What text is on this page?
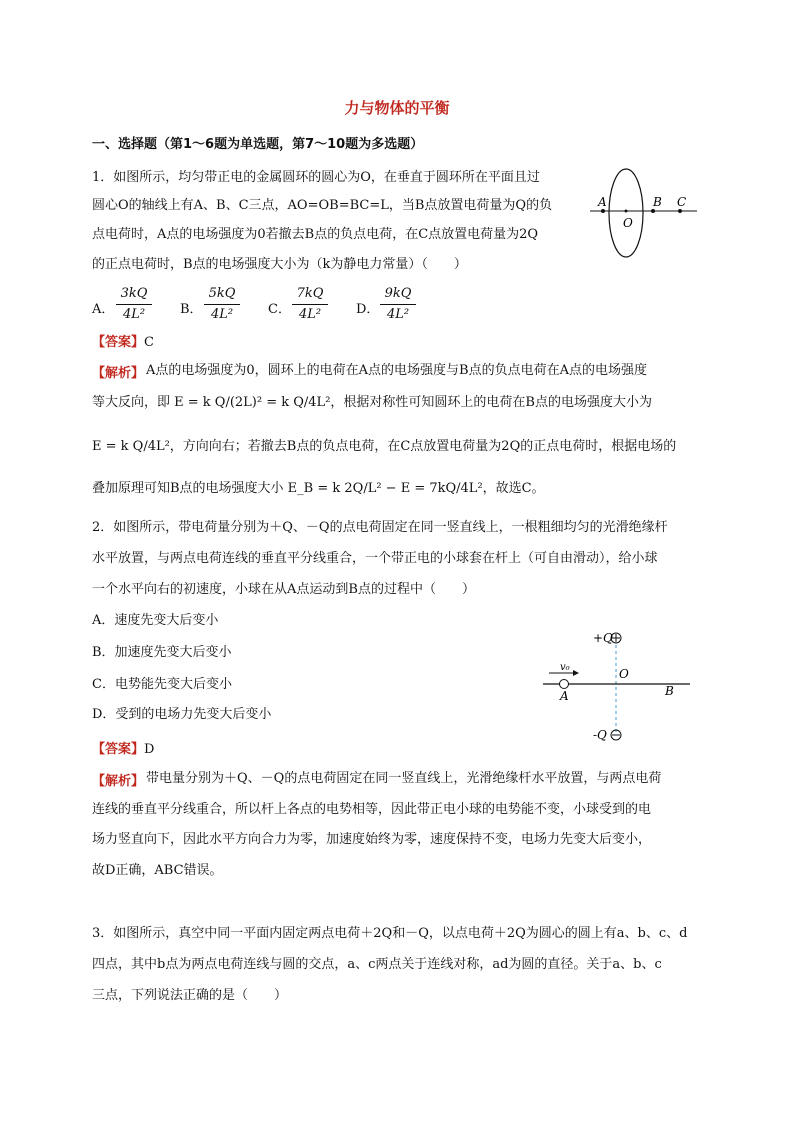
力与物体的平衡
一、选择题（第1～6题为单选题，第7～10题为多选题）
1．如图所示，均匀带正电的金属圆环的圆心为O，在垂直于圆环所在平面且过
圆心O的轴线上有A、B、C三点，AO=OB=BC=L，当B点放置电荷量为Q的负
点电荷时，A点的电场强度为0若撤去B点的负点电荷，在C点放置电荷量为2Q
的正点电荷时，B点的电场强度大小为（k为静电力常量）（　　）
A
O
B C
A．
3kQ
4L²	B．
5kQ
4L²	C．
7kQ
4L²	D．
9kQ
4L²
【答案】C
【解析】 A点的电场强度为0，圆环上的电荷在A点的电场强度与B点的负点电荷在A点的电场强度
等大反向，即 E = k Q/(2L)² = k Q/4L²，根据对称性可知圆环上的电荷在B点的电场强度大小为
E = k Q/4L²，方向向右；若撤去B点的负点电荷，在C点放置电荷量为2Q的正点电荷时，根据电场的
叠加原理可知B点的电场强度大小 E_B = k 2Q/L² − E = 7kQ/4L²，故选C。
2．如图所示，带电荷量分别为＋Q、－Q的点电荷固定在同一竖直线上，一根粗细均匀的光滑绝缘杆
水平放置，与两点电荷连线的垂直平分线重合，一个带正电的小球套在杆上（可自由滑动），给小球
一个水平向右的初速度，小球在从A点运动到B点的过程中（　　）
A．速度先变大后变小
B．加速度先变大后变小
C．电势能先变大后变小
D．受到的电场力先变大后变小
+Q
-Q
v₀
A
O
B
【答案】D
【解析】 带电量分别为＋Q、－Q的点电荷固定在同一竖直线上，光滑绝缘杆水平放置，与两点电荷
连线的垂直平分线重合，所以杆上各点的电势相等，因此带正电小球的电势能不变，小球受到的电
场力竖直向下，因此水平方向合力为零，加速度始终为零，速度保持不变，电场力先变大后变小，
故D正确，ABC错误。
3．如图所示，真空中同一平面内固定两点电荷＋2Q和－Q，以点电荷＋2Q为圆心的圆上有a、b、c、d
四点，其中b点为两点电荷连线与圆的交点，a、c两点关于连线对称，ad为圆的直径。关于a、b、c
三点，下列说法正确的是（　　）
